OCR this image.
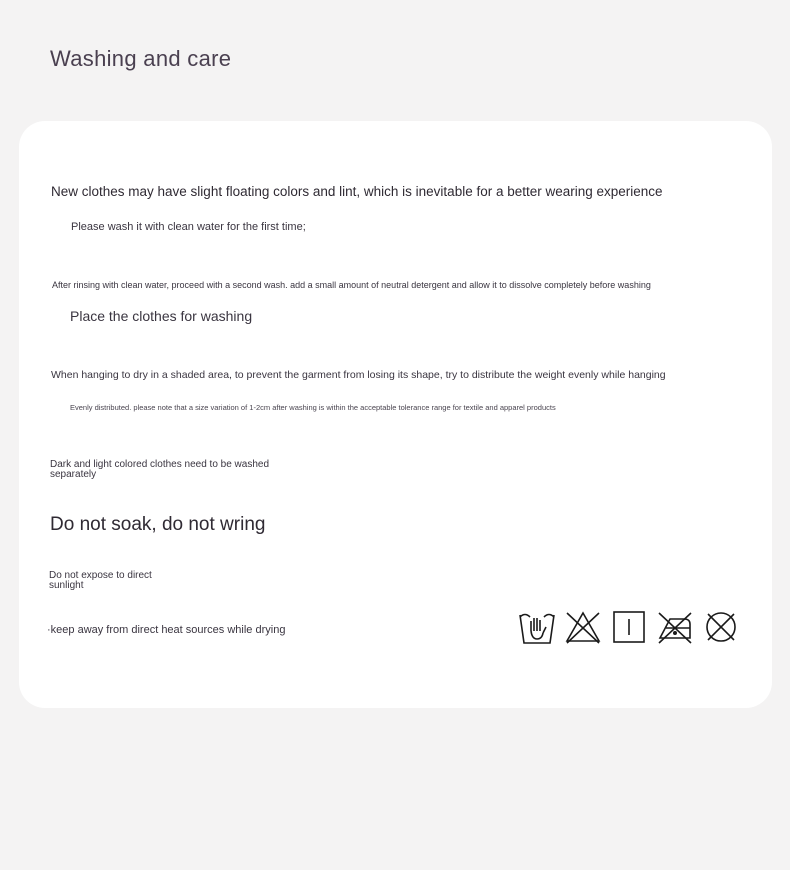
Washing and care

New clothes may have slight floating colors and lint, which is inevitable for a better wearing experience

Please wash it with clean water for the first time;

After rinsing with clean water, proceed with a second wash. add a small amount of neutral detergent and allow it to dissolve completely before washing

Place the clothes for washing

When hanging to dry in a shaded area, to prevent the garment from losing its shape, try to distribute the weight evenly while hanging

Evenly distributed. please note that a size variation of 1-2cm after washing is within the acceptable tolerance range for textile and apparel products

Dark and light colored clothes need to be washed separately

Do not soak, do not wring

Do not expose to direct sunlight

·keep away from direct heat sources while drying
